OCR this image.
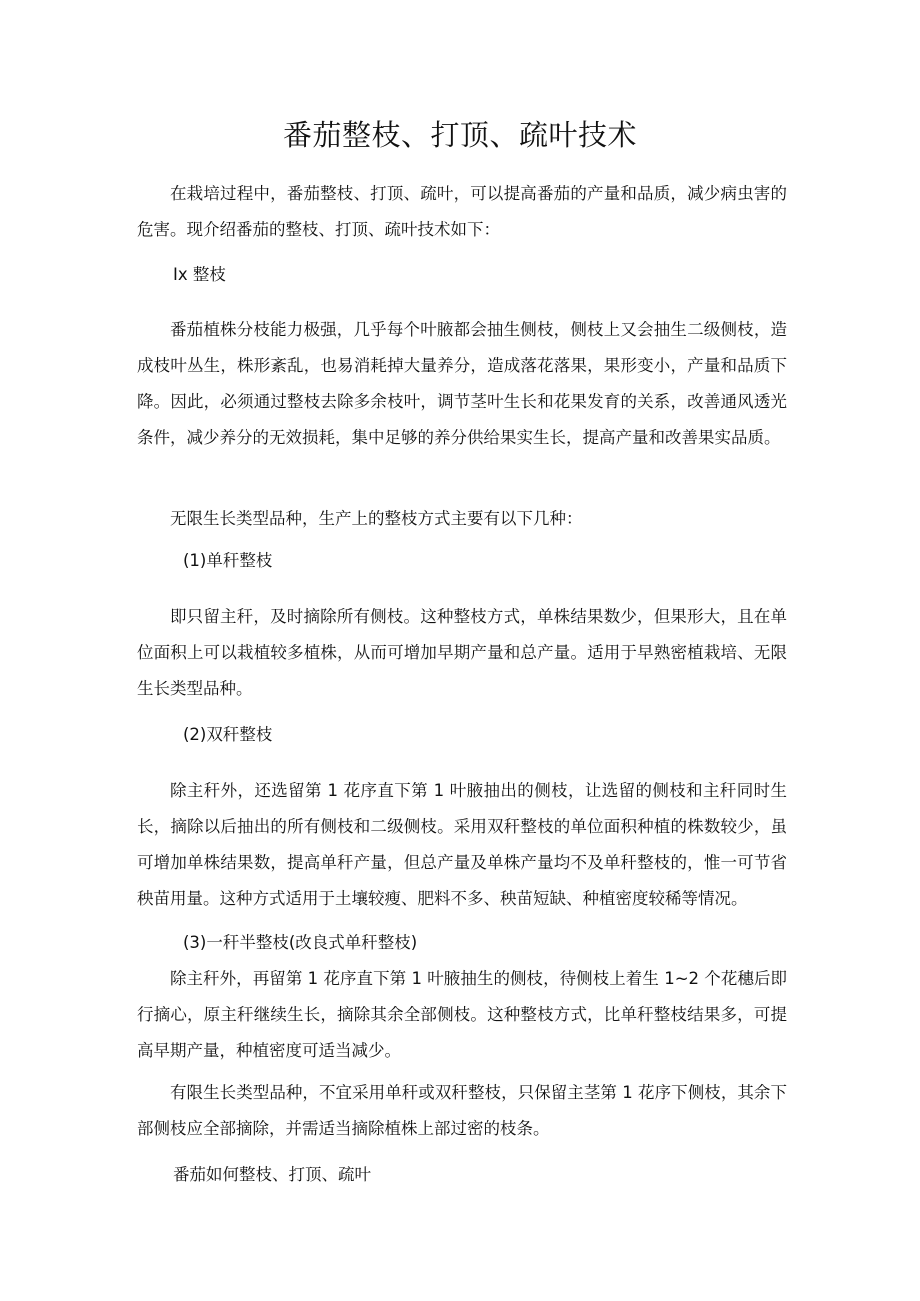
番茄整枝、打顶、疏叶技术

在栽培过程中，番茄整枝、打顶、疏叶，可以提高番茄的产量和品质，减少病虫害的危害。现介绍番茄的整枝、打顶、疏叶技术如下：

Ix 整枝

番茄植株分枝能力极强，几乎每个叶腋都会抽生侧枝，侧枝上又会抽生二级侧枝，造成枝叶丛生，株形紊乱，也易消耗掉大量养分，造成落花落果，果形变小，产量和品质下降。因此，必须通过整枝去除多余枝叶，调节茎叶生长和花果发育的关系，改善通风透光条件，减少养分的无效损耗，集中足够的养分供给果实生长，提高产量和改善果实品质。

无限生长类型品种，生产上的整枝方式主要有以下几种：

(1)单秆整枝

即只留主秆，及时摘除所有侧枝。这种整枝方式，单株结果数少，但果形大，且在单位面积上可以栽植较多植株，从而可增加早期产量和总产量。适用于早熟密植栽培、无限生长类型品种。

(2)双秆整枝

除主秆外，还选留第 1 花序直下第 1 叶腋抽出的侧枝，让选留的侧枝和主秆同时生长，摘除以后抽出的所有侧枝和二级侧枝。采用双秆整枝的单位面积种植的株数较少，虽可增加单株结果数，提高单秆产量，但总产量及单株产量均不及单秆整枝的，惟一可节省秧苗用量。这种方式适用于土壤较瘦、肥料不多、秧苗短缺、种植密度较稀等情况。

(3)一秆半整枝(改良式单秆整枝)

除主秆外，再留第 1 花序直下第 1 叶腋抽生的侧枝，待侧枝上着生 1~2 个花穗后即行摘心，原主秆继续生长，摘除其余全部侧枝。这种整枝方式，比单秆整枝结果多，可提高早期产量，种植密度可适当减少。

有限生长类型品种，不宜采用单秆或双秆整枝，只保留主茎第 1 花序下侧枝，其余下部侧枝应全部摘除，并需适当摘除植株上部过密的枝条。

番茄如何整枝、打顶、疏叶
